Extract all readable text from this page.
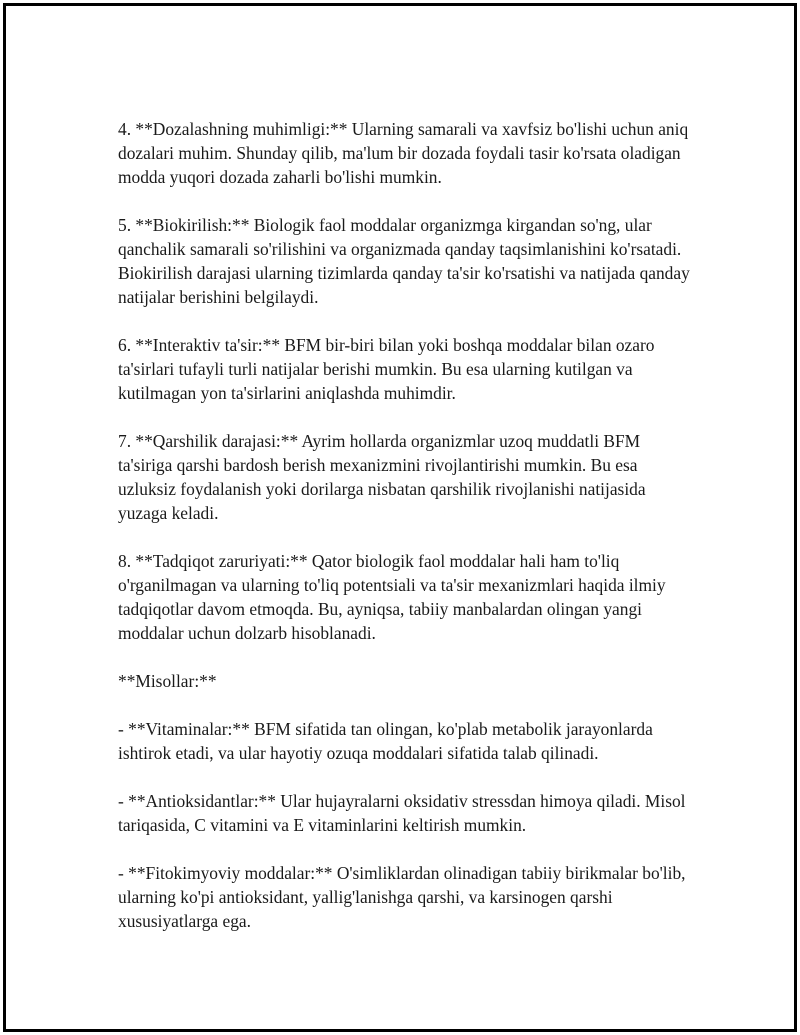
4. **Dozalashning muhimligi:** Ularning samarali va xavfsiz bo'lishi uchun aniq dozalari muhim. Shunday qilib, ma'lum bir dozada foydali tasir ko'rsata oladigan modda yuqori dozada zaharli bo'lishi mumkin.

5. **Biokirilish:** Biologik faol moddalar organizmga kirgandan so'ng, ular qanchalik samarali so'rilishini va organizmada qanday taqsimlanishini ko'rsatadi. Biokirilish darajasi ularning tizimlarda qanday ta'sir ko'rsatishi va natijada qanday natijalar berishini belgilaydi.

6. **Interaktiv ta'sir:** BFM bir-biri bilan yoki boshqa moddalar bilan ozaro ta'sirlari tufayli turli natijalar berishi mumkin. Bu esa ularning kutilgan va kutilmagan yon ta'sirlarini aniqlashda muhimdir.

7. **Qarshilik darajasi:** Ayrim hollarda organizmlar uzoq muddatli BFM ta'siriga qarshi bardosh berish mexanizmini rivojlantirishi mumkin. Bu esa uzluksiz foydalanish yoki dorilarga nisbatan qarshilik rivojlanishi natijasida yuzaga keladi.

8. **Tadqiqot zaruriyati:** Qator biologik faol moddalar hali ham to'liq o'rganilmagan va ularning to'liq potentsiali va ta'sir mexanizmlari haqida ilmiy tadqiqotlar davom etmoqda. Bu, ayniqsa, tabiiy manbalardan olingan yangi moddalar uchun dolzarb hisoblanadi.

**Misollar:**

- **Vitaminalar:** BFM sifatida tan olingan, ko'plab metabolik jarayonlarda ishtirok etadi, va ular hayotiy ozuqa moddalari sifatida talab qilinadi.

- **Antioksidantlar:** Ular hujayralarni oksidativ stressdan himoya qiladi. Misol tariqasida, C vitamini va E vitaminlarini keltirish mumkin.

- **Fitokimyoviy moddalar:** O'simliklardan olinadigan tabiiy birikmalar bo'lib, ularning ko'pi antioksidant, yallig'lanishga qarshi, va karsinogen qarshi xususiyatlarga ega.
